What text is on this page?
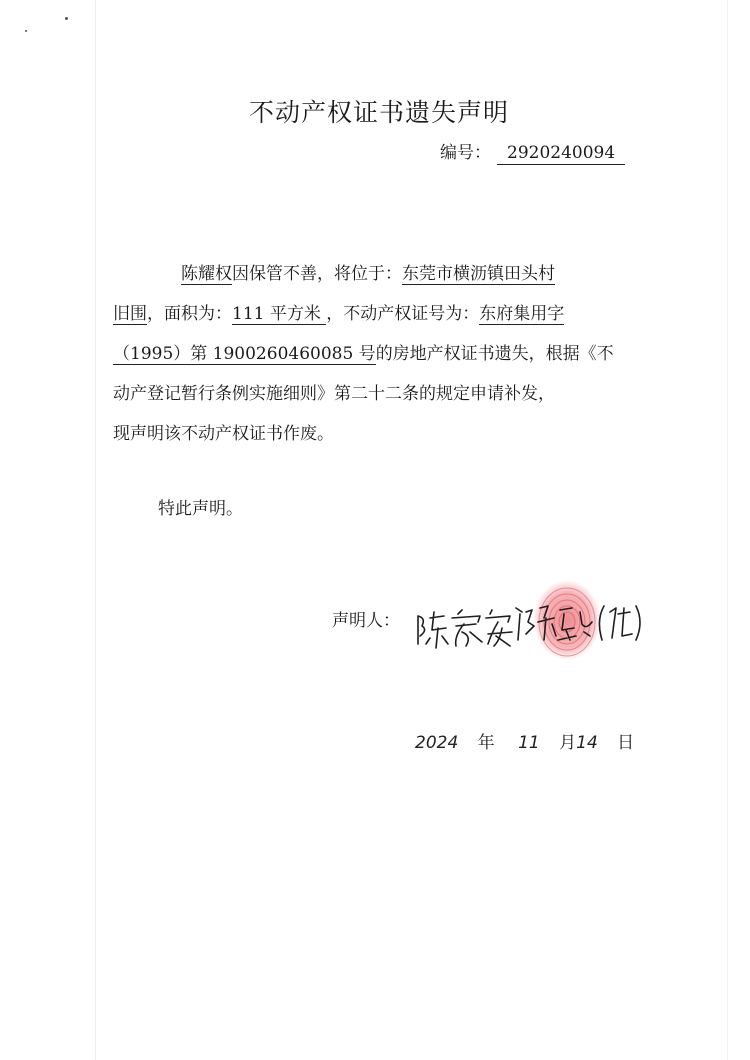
不动产权证书遗失声明
编号： 2920240094
陈耀权因保管不善，将位于：东莞市横沥镇田头村
旧围，面积为：111 平方米 ，不动产权证号为：东府集用字
（1995）第 1900260460085 号的房地产权证书遗失，根据《不
动产登记暂行条例实施细则》第二十二条的规定申请补发，
现声明该不动产权证书作废。
特此声明。
声明人：
2024 年 11 月14 日
